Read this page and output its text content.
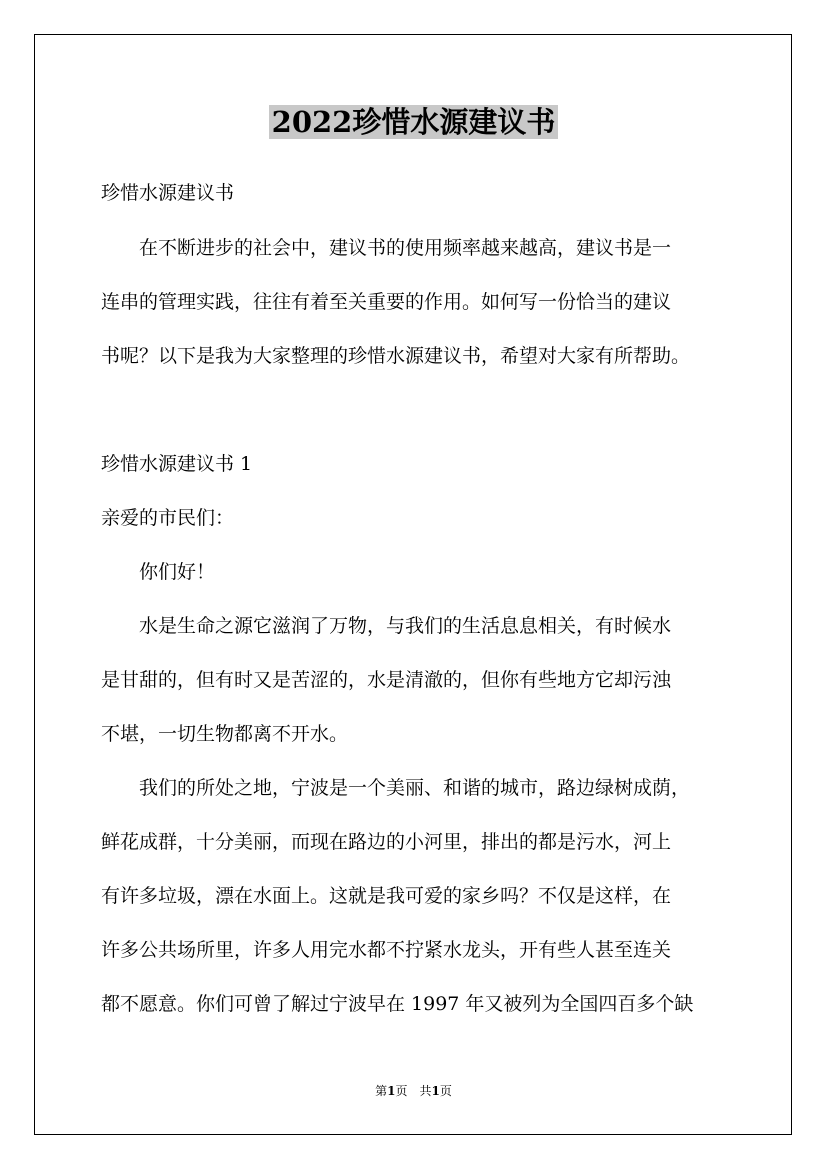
2022珍惜水源建议书

珍惜水源建议书

　　在不断进步的社会中，建议书的使用频率越来越高，建议书是一

连串的管理实践，往往有着至关重要的作用。如何写一份恰当的建议

书呢？以下是我为大家整理的珍惜水源建议书，希望对大家有所帮助。

珍惜水源建议书 1

亲爱的市民们：

　　你们好！

　　水是生命之源它滋润了万物，与我们的生活息息相关，有时候水

是甘甜的，但有时又是苦涩的，水是清澈的，但你有些地方它却污浊

不堪，一切生物都离不开水。

　　我们的所处之地，宁波是一个美丽、和谐的城市，路边绿树成荫，

鲜花成群，十分美丽，而现在路边的小河里，排出的都是污水，河上

有许多垃圾，漂在水面上。这就是我可爱的家乡吗？不仅是这样，在

许多公共场所里，许多人用完水都不拧紧水龙头，开有些人甚至连关

都不愿意。你们可曾了解过宁波早在 1997 年又被列为全国四百多个缺

第1页　共1页
